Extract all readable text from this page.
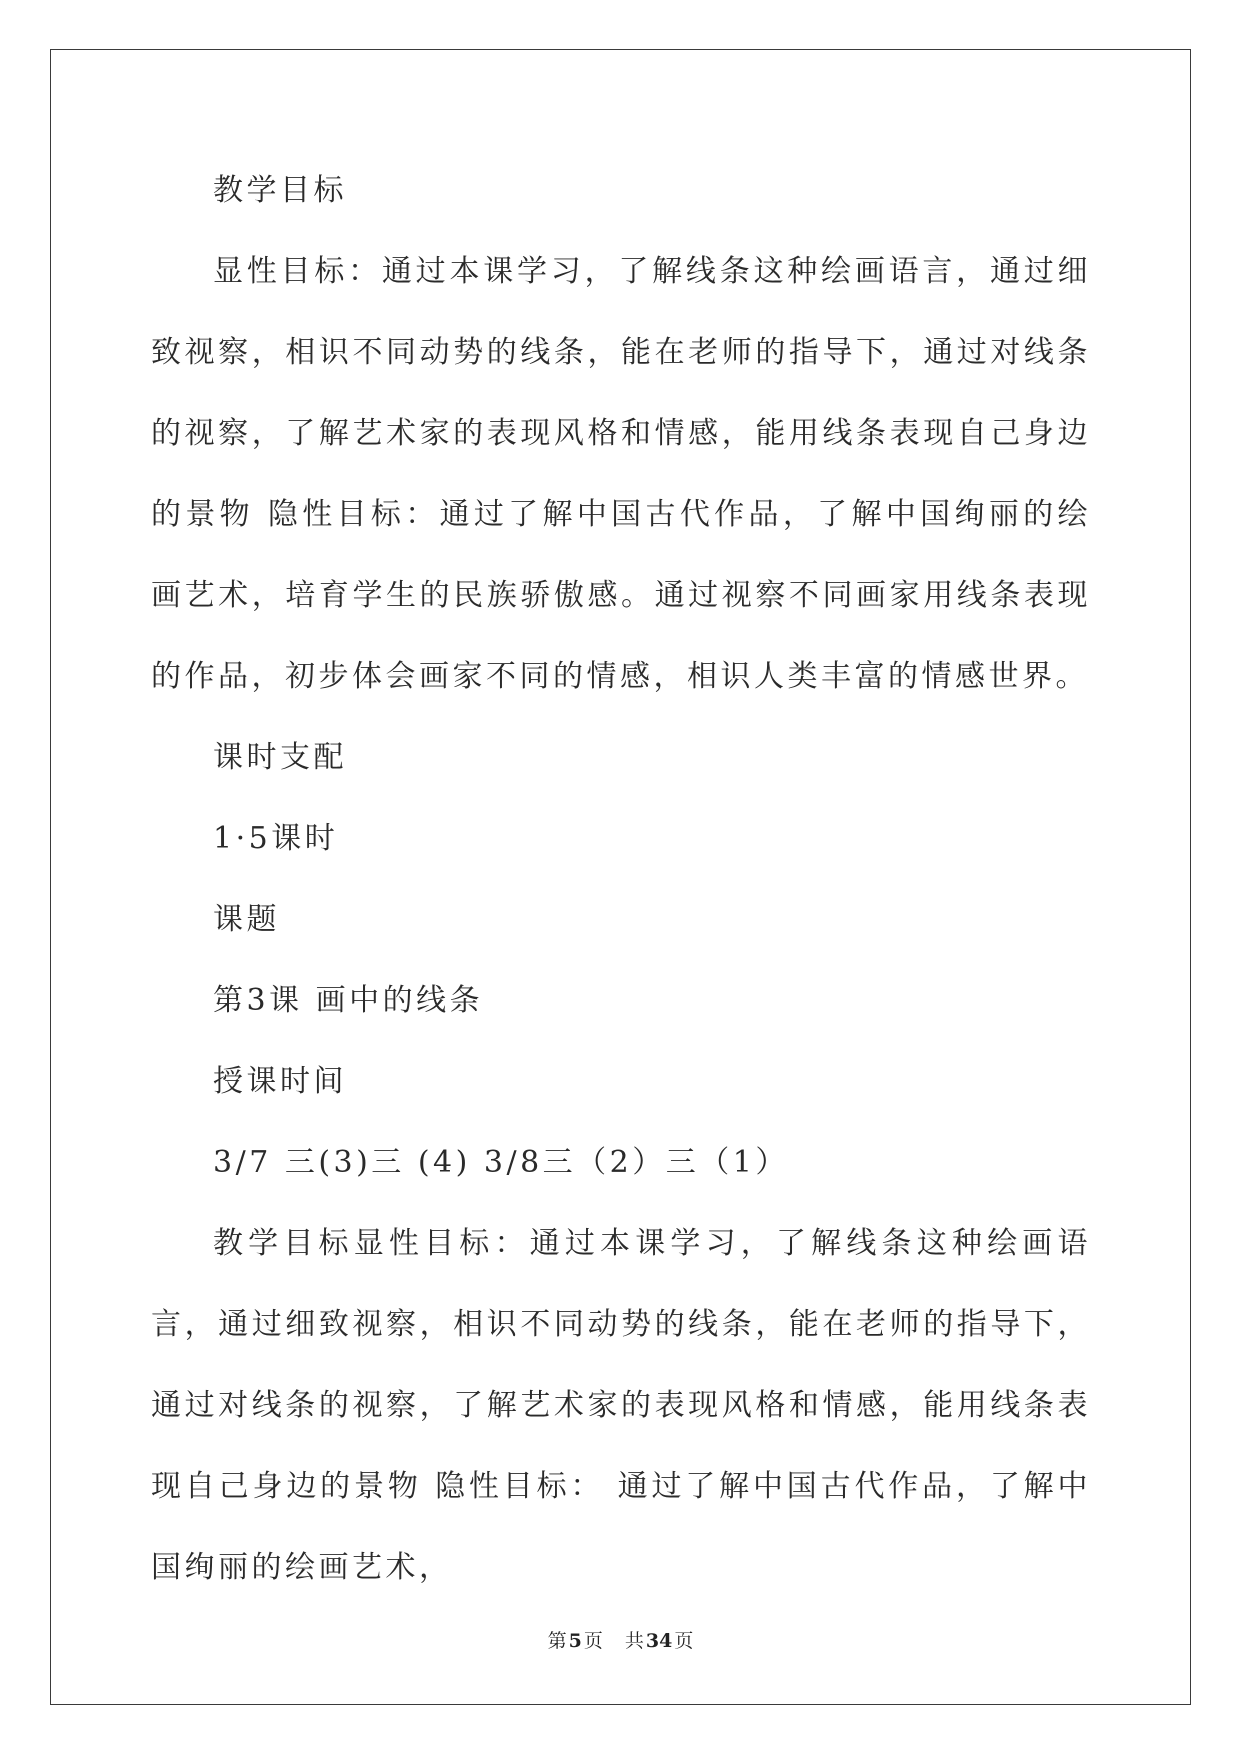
教学目标

显性目标：通过本课学习，了解线条这种绘画语言，通过细致视察，相识不同动势的线条，能在老师的指导下，通过对线条的视察，了解艺术家的表现风格和情感，能用线条表现自己身边的景物 隐性目标：通过了解中国古代作品，了解中国绚丽的绘画艺术，培育学生的民族骄傲感。通过视察不同画家用线条表现的作品，初步体会画家不同的情感，相识人类丰富的情感世界。

课时支配

1·5课时

课题

第3课 画中的线条

授课时间

3/7 三(3)三 (4) 3/8三（2）三（1）

教学目标显性目标：通过本课学习，了解线条这种绘画语言，通过细致视察，相识不同动势的线条，能在老师的指导下，通过对线条的视察，了解艺术家的表现风格和情感，能用线条表现自己身边的景物 隐性目标： 通过了解中国古代作品，了解中国绚丽的绘画艺术，

第 5 页 共 34 页
